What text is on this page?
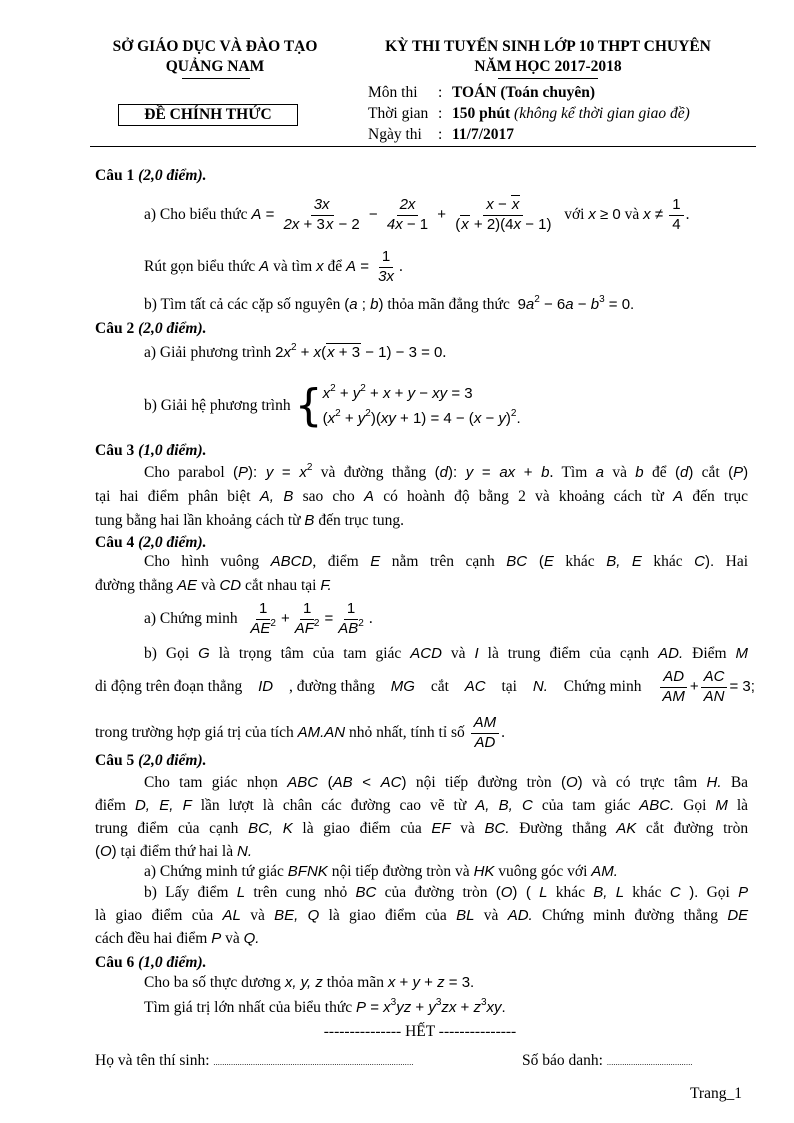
SỞ GIÁO DỤC VÀ ĐÀO TẠO
QUẢNG NAM
KỲ THI TUYỂN SINH LỚP 10 THPT CHUYÊN
NĂM HỌC 2017-2018
ĐỀ CHÍNH THỨC
Môn thi : TOÁN (Toán chuyên)
Thời gian : 150 phút (không kể thời gian giao đề)
Ngày thi : 11/7/2017
Câu 1 (2,0 điểm).
a) Cho biểu thức
$A = \frac{3x}{2x + 3x - 2} - \frac{2x}{4x - 1} + \frac{x - x}{(x + 2)(4x - 1)}$
với
x ≥ 0
và
$x \ne \frac{1}{4}$ .
Rút gọn biểu thức
A
và tìm
x
để
$A = \frac{1}{3x}$ .
b) Tìm tất cả các cặp số nguyên (a ; b) thỏa mãn đẳng thức $9a^2 - 6a - b^3 = 0$.
Câu 2 (2,0 điểm).
a) Giải phương trình $2x^2 + x(x + 3 - 1) - 3 = 0$.
b) Giải hệ phương trình { $x^2 + y^2 + x + y$ − xy = 3
$(x^2 + y^2)(xy + 1) = 4 - (x - y)^2$.
Câu 3 (1,0 điểm).
Cho parabol (P): $y = x^2$ và đường thẳng (d): y = ax + b. Tìm a và b để (d) cắt (P)
tại hai điểm phân biệt A, B sao cho A có hoành độ bằng 2 và khoảng cách từ A đến trục
tung bằng hai lần khoảng cách từ B đến trục tung.
Câu 4 (2,0 điểm).
Cho hình vuông ABCD, điểm E nằm trên cạnh BC (E khác B, E khác C). Hai
đường thẳng AE và CD cắt nhau tại F.
a) Chứng minh
$\frac{1}{AE^2} + \frac{1}{AF^2} = \frac{1}{AB^2}$ .
b) Gọi G là trọng tâm của tam giác ACD và I là trung điểm của cạnh AD. Điểm M
di động trên đoạn thẳng ID , đường thẳng MG cắt AC tại N. Chứng minh $\frac{AD}{AM} + \frac{AC}{AN} = 3$;
trong trường hợp giá trị của tích
AM.AN
nhỏ nhất, tính tỉ số
$\frac{AM}{AD}$ .
Câu 5 (2,0 điểm).
Cho tam giác nhọn ABC (AB < AC) nội tiếp đường tròn (O) và có trực tâm H. Ba
điểm D, E, F lần lượt là chân các đường cao vẽ từ A, B, C của tam giác ABC. Gọi M là
trung điểm của cạnh BC, K là giao điểm của EF và BC. Đường thẳng AK cắt đường tròn
(O) tại điểm thứ hai là N.
a) Chứng minh tứ giác BFNK nội tiếp đường tròn và HK vuông góc với AM.
b) Lấy điểm L trên cung nhỏ BC của đường tròn (O) ( L khác B, L khác C ). Gọi P
là giao điểm của AL và BE, Q là giao điểm của BL và AD. Chứng minh đường thẳng DE
cách đều hai điểm P và Q.
Câu 6 (1,0 điểm).
Cho ba số thực dương x, y, z thỏa mãn x + y + z = 3.
Tìm giá trị lớn nhất của biểu thức $P = x^3yz + y^3zx + z^3xy$.
--------------- HẾT ---------------
Họ và tên thí sinh: ...........................................................................................	Số báo danh: .......................................
Trang_1
